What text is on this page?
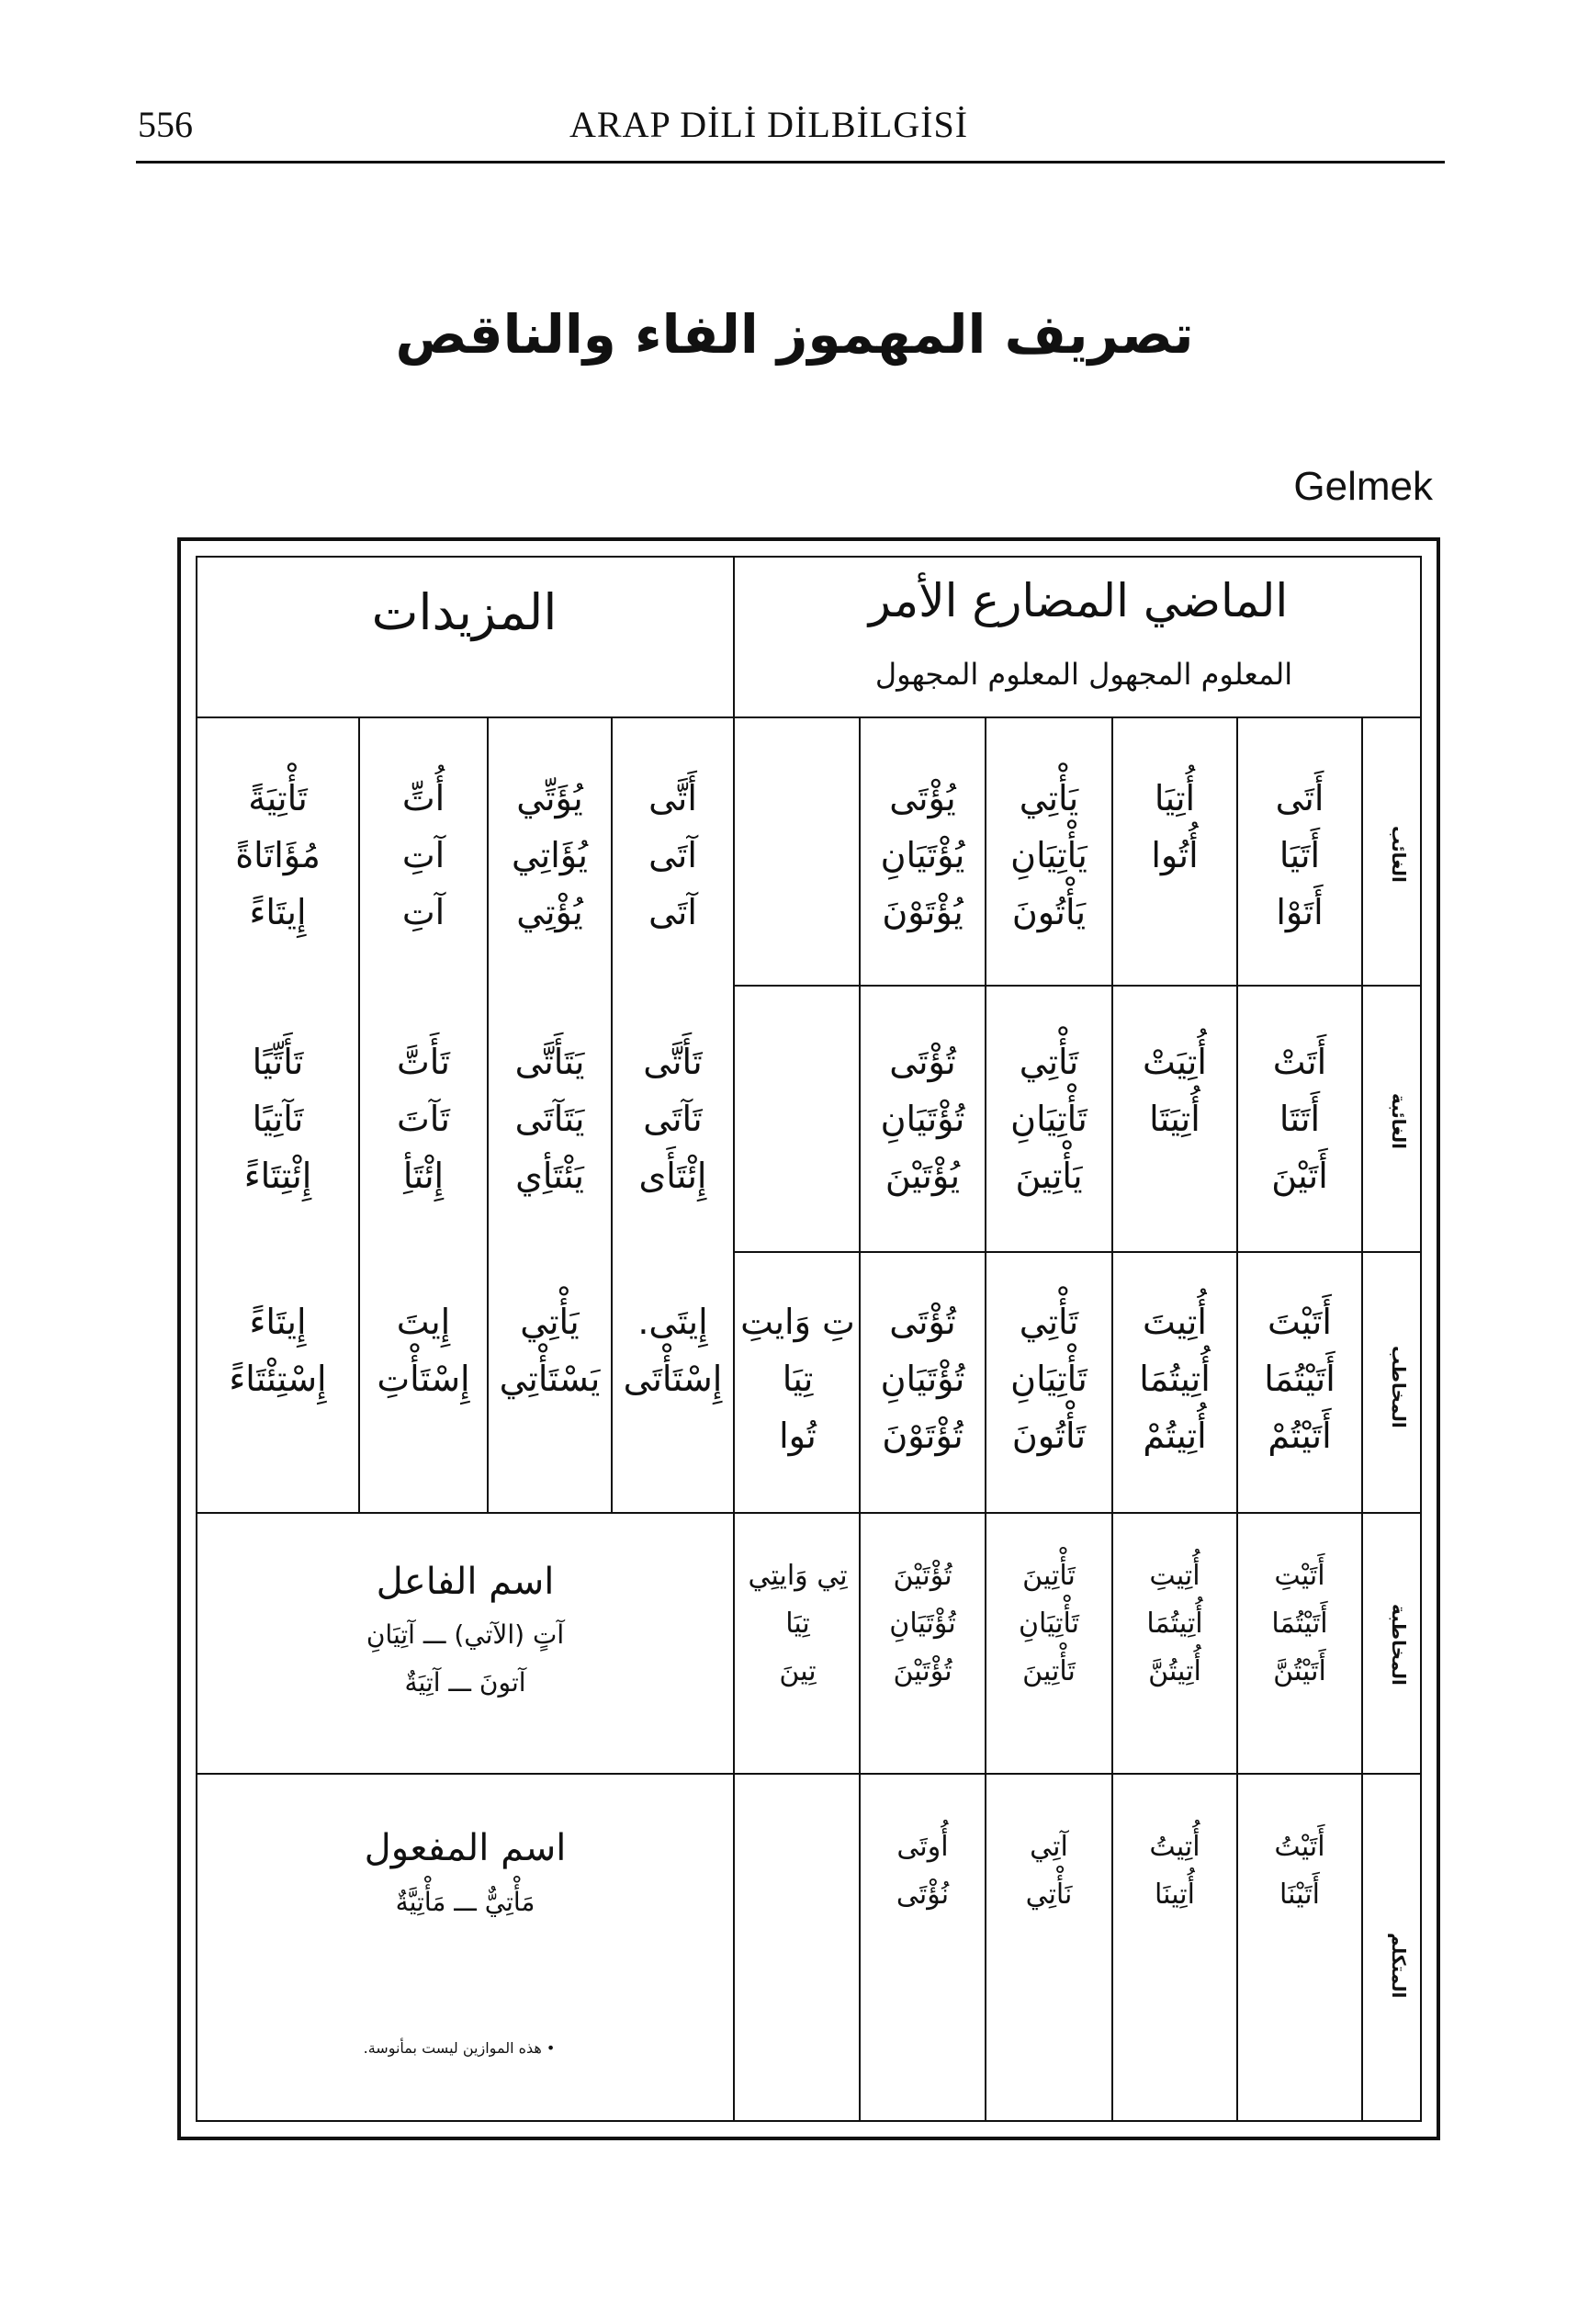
556	ARAP DİLİ DİLBİLGİSİ
تصريف المهموز الفاء والناقص
Gelmek
الماضي المضارع الأمر
المعلوم المجهول المعلوم المجهول
المزيدات
الغائب
الغائبة
المخاطب
المخاطبة
المتكلم
أَتَى
أَتَيَا
أَتَوْا
أُتِيَا
أُتُوا
يَأْتِي
يَأْتِيَانِ
يَأْتُونَ
يُؤْتَى
يُؤْتَيَانِ
يُؤْتَوْنَ
أَتَّى
آتَى
آتَى
يُؤَتِّي
يُؤَاتِي
يُؤْتِي
أُتِّ
آتِ
آتِ
تَأْتِيَةً
مُؤَاتَاةً
إِيتَاءً
أَتَتْ
أَتَتَا
أَتَيْنَ
أُتِيَتْ
أُتِيَتَا
تَأْتِي
تَأْتِيَانِ
يَأْتِينَ
تُؤْتَى
تُؤْتَيَانِ
يُؤْتَيْنَ
تَأَتَّى
تَآتَى
إِئْتَأَى
يَتَأَتَّى
يَتَآتَى
يَئْتَأِي
تَأَتَّ
تَآتَ
إِئْتَأِ
تَأَتِّيًا
تَآتِيًا
إِئْتِتَاءً
أَتَيْتَ
أَتَيْتُمَا
أَتَيْتُمْ
أُتِيتَ
أُتِيتُمَا
أُتِيتُمْ
تَأْتِي
تَأْتِيَانِ
تَأْتُونَ
تُؤْتَى
تُؤْتَيَانِ
تُؤْتَوْنَ
تِ وَايتِ
تِيَا
تُوا
إِيتَى.
إِسْتَأْتَى
يَأْتِي
يَسْتَأْتِي
إِيتَ
إِسْتَأْتِ
إِيتَاءً
إِسْتِئْتَاءً
أَتَيْتِ
أَتَيْتُمَا
أَتَيْتُنَّ
أُتِيتِ
أُتِيتُمَا
أُتِيتُنَّ
تَأْتِينَ
تَأْتِيَانِ
تَأْتِينَ
تُؤْتَيْنَ
تُؤْتَيَانِ
تُؤْتَيْنَ
تِي وَايتِي
تِيَا
تِينَ
اسم الفاعل
آتٍ (الآتي) ـــ آتِيَانِ
آتونَ ـــ آتِيَةٌ
أَتَيْتُ
أَتَيْنَا
أُتِيتُ
أُتِينَا
آتِي
نَأْتِي
أُوتَى
نُؤْتَى
اسم المفعول
مَأْتِيٌّ ـــ مَأْتِيَّةٌ
• هذه الموازين ليست بمأنوسة.
